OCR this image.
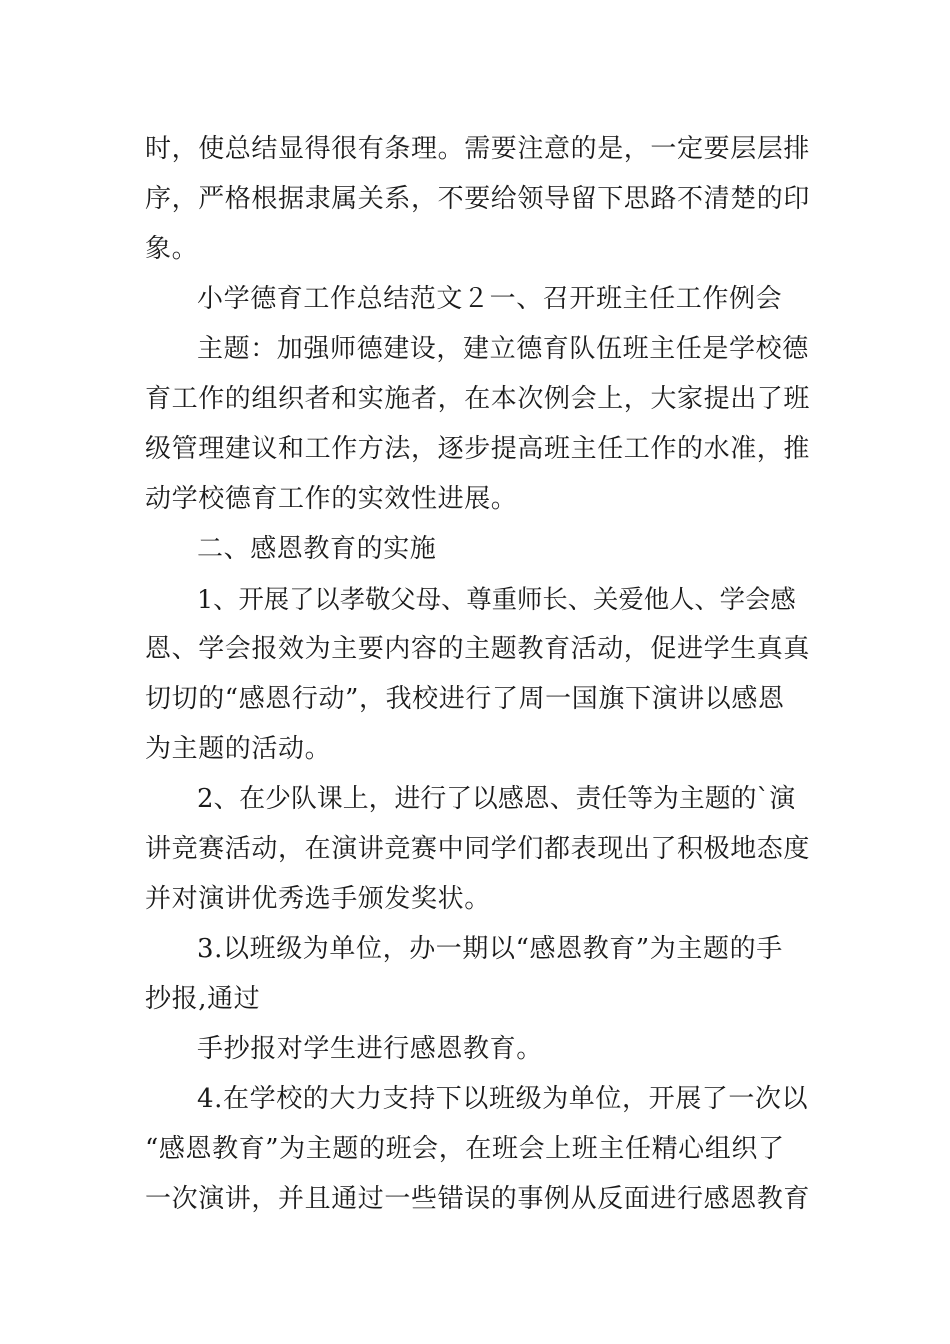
时，使总结显得很有条理。需要注意的是，一定要层层排

序，严格根据隶属关系，不要给领导留下思路不清楚的印

象。

小学德育工作总结范文２一、召开班主任工作例会

主题：加强师德建设，建立德育队伍班主任是学校德

育工作的组织者和实施者，在本次例会上，大家提出了班

级管理建议和工作方法，逐步提高班主任工作的水准，推

动学校德育工作的实效性进展。

二、感恩教育的实施

1、开展了以孝敬父母、尊重师长、关爱他人、学会感

恩、学会报效为主要内容的主题教育活动，促进学生真真

切切的“感恩行动”，我校进行了周一国旗下演讲以感恩

为主题的活动。

2、在少队课上，进行了以感恩、责任等为主题的`演

讲竞赛活动，在演讲竞赛中同学们都表现出了积极地态度

并对演讲优秀选手颁发奖状。

3.以班级为单位，办一期以“感恩教育”为主题的手

抄报,通过

手抄报对学生进行感恩教育。

4.在学校的大力支持下以班级为单位，开展了一次以

“感恩教育”为主题的班会，在班会上班主任精心组织了

一次演讲，并且通过一些错误的事例从反面进行感恩教育
